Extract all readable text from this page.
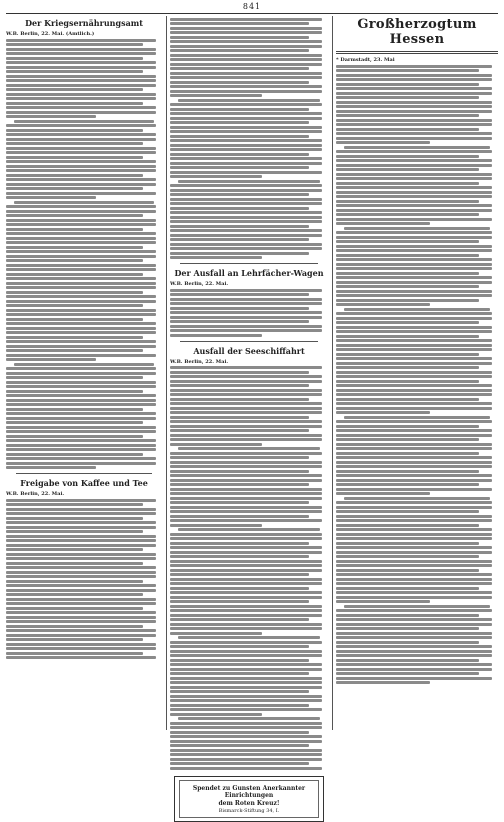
841
Der Kriegsernährungsamt
W.B. Berlin, 22. Mai. (Amtlich.)
Freigabe von Kaffee und Tee
W.B. Berlin, 22. Mai.
Der Ausfall an Lehrfächer-Wagen
W.B. Berlin, 22. Mai.
Ausfall der Seeschiffahrt
W.B. Berlin, 22. Mai.

Spendet zu Gunsten Anerkannter Einrichtungen

dem Roten Kreuz!

Bismarck-Stiftung 34, I.
Großherzogtum Hessen
* Darmstadt, 23. Mai
